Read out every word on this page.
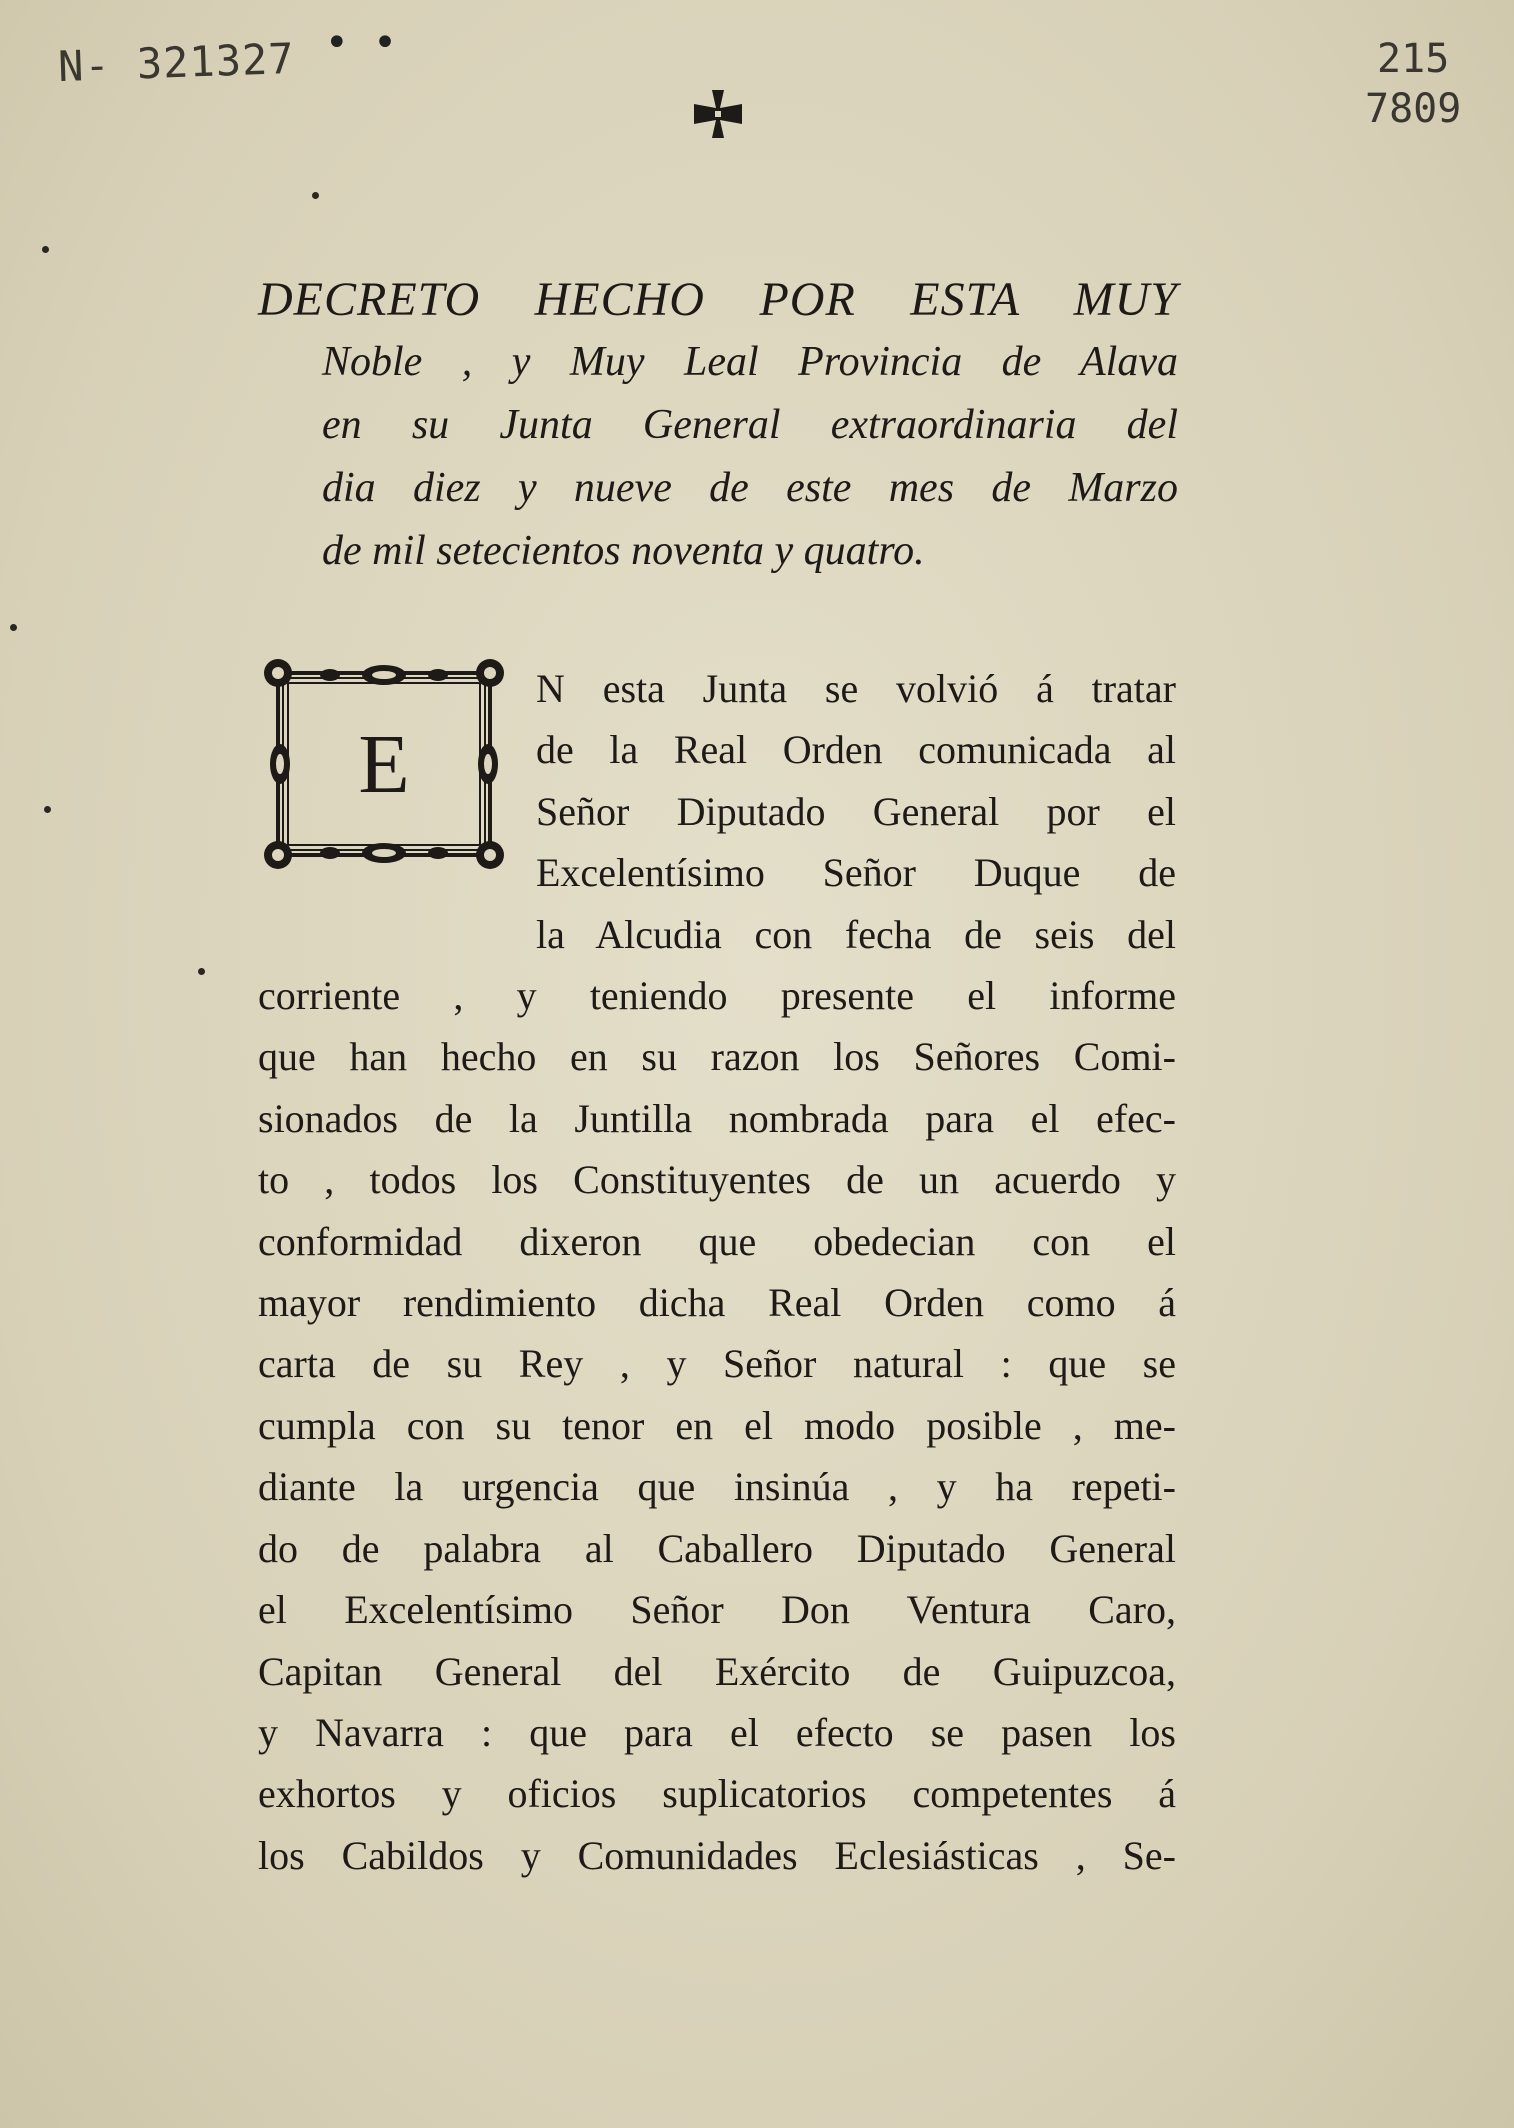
N- 321327 • •	215
7809
DECRETO HECHO POR ESTA MUY
Noble , y Muy Leal Provincia de Alava
en su Junta General extraordinaria del
dia diez y nueve de este mes de Marzo
de mil setecientos noventa y quatro.
E
N esta Junta se volvió á tratar
de la Real Orden comunicada al
Señor Diputado General por el
Excelentísimo Señor Duque de
la Alcudia con fecha de seis del
corriente , y teniendo presente el informe
que han hecho en su razon los Señores Comi-
sionados de la Juntilla nombrada para el efec-
to , todos los Constituyentes de un acuerdo y
conformidad dixeron que obedecian con el
mayor rendimiento dicha Real Orden como á
carta de su Rey , y Señor natural : que se
cumpla con su tenor en el modo posible , me-
diante la urgencia que insinúa , y ha repeti-
do de palabra al Caballero Diputado General
el Excelentísimo Señor Don Ventura Caro,
Capitan General del Exército de Guipuzcoa,
y Navarra : que para el efecto se pasen los
exhortos y oficios suplicatorios competentes á
los Cabildos y Comunidades Eclesiásticas , Se-
